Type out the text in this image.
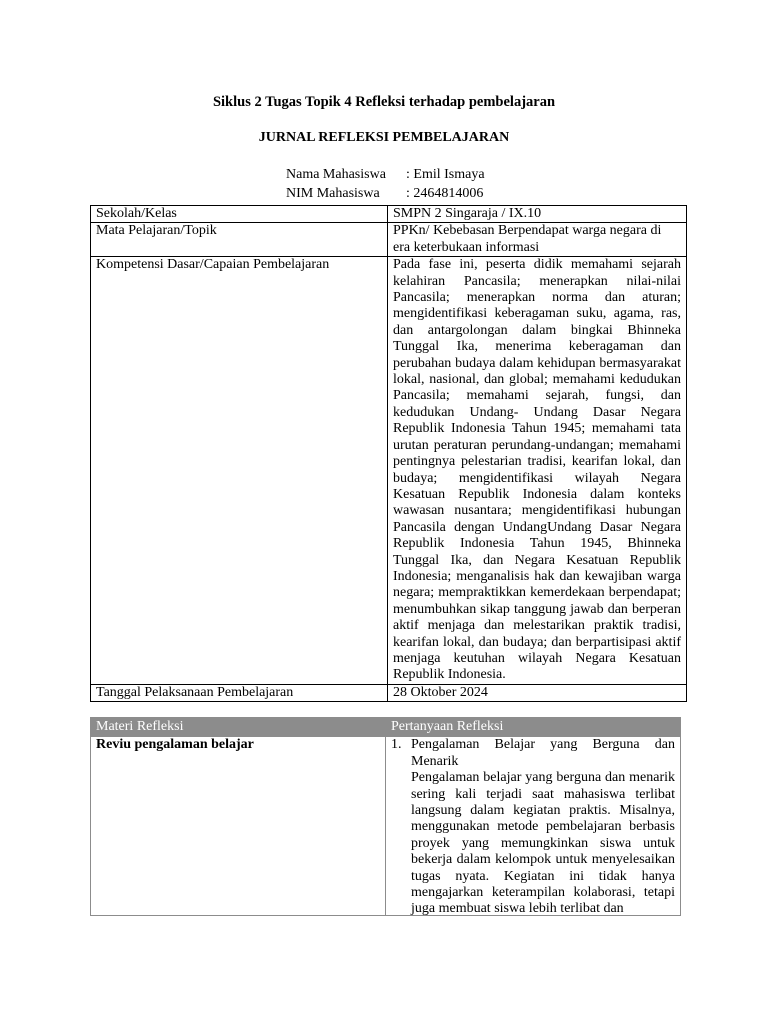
Siklus 2 Tugas Topik 4 Refleksi terhadap pembelajaran
JURNAL REFLEKSI PEMBELAJARAN
Nama Mahasiswa : Emil Ismaya
NIM Mahasiswa : 2464814006
Sekolah/Kelas	SMPN 2 Singaraja / IX.10
Mata Pelajaran/Topik	PPKn/ Kebebasan Berpendapat warga negara di era keterbukaan informasi
Kompetensi Dasar/Capaian Pembelajaran	Pada fase ini, peserta didik memahami sejarah kelahiran Pancasila; menerapkan nilai-nilai Pancasila; menerapkan norma dan aturan; mengidentifikasi keberagaman suku, agama, ras, dan antargolongan dalam bingkai Bhinneka Tunggal Ika, menerima keberagaman dan perubahan budaya dalam kehidupan bermasyarakat lokal, nasional, dan global; memahami kedudukan Pancasila; memahami sejarah, fungsi, dan kedudukan Undang- Undang Dasar Negara Republik Indonesia Tahun 1945; memahami tata urutan peraturan perundang-undangan; memahami pentingnya pelestarian tradisi, kearifan lokal, dan budaya; mengidentifikasi wilayah Negara Kesatuan Republik Indonesia dalam konteks wawasan nusantara; mengidentifikasi hubungan Pancasila dengan UndangUndang Dasar Negara Republik Indonesia Tahun 1945, Bhinneka Tunggal Ika, dan Negara Kesatuan Republik Indonesia; menganalisis hak dan kewajiban warga negara; mempraktikkan kemerdekaan berpendapat; menumbuhkan sikap tanggung jawab dan berperan aktif menjaga dan melestarikan praktik tradisi, kearifan lokal, dan budaya; dan berpartisipasi aktif menjaga keutuhan wilayah Negara Kesatuan Republik Indonesia.
Tanggal Pelaksanaan Pembelajaran	28 Oktober 2024
Materi Refleksi	Pertanyaan Refleksi
Reviu pengalaman belajar	1. Pengalaman Belajar yang Berguna dan Menarik
Pengalaman belajar yang berguna dan menarik sering kali terjadi saat mahasiswa terlibat langsung dalam kegiatan praktis. Misalnya, menggunakan metode pembelajaran berbasis proyek yang memungkinkan siswa untuk bekerja dalam kelompok untuk menyelesaikan tugas nyata. Kegiatan ini tidak hanya mengajarkan keterampilan kolaborasi, tetapi juga membuat siswa lebih terlibat dan
